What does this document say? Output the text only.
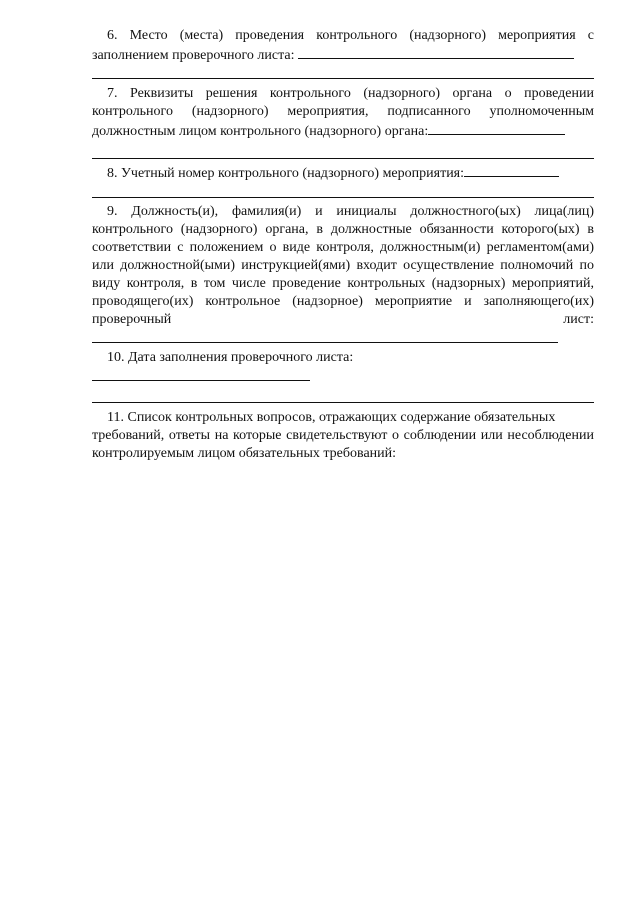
6. Место (места) проведения контрольного (надзорного) мероприятия с заполнением проверочного листа:

7. Реквизиты решения контрольного (надзорного) органа о проведении контрольного (надзорного) мероприятия, подписанного уполномоченным должностным лицом контрольного (надзорного) органа:

8. Учетный номер контрольного (надзорного) мероприятия:

9. Должность(и), фамилия(и) и инициалы должностного(ых) лица(лиц) контрольного (надзорного) органа, в должностные обязанности которого(ых) в соответствии с положением о виде контроля, должностным(и) регламентом(ами) или должностной(ыми) инструкцией(ями) входит осуществление полномочий по виду контроля, в том числе проведение контрольных (надзорных) мероприятий, проводящего(их) контрольное (надзорное) мероприятие и заполняющего(их) проверочный лист:

10. Дата заполнения проверочного листа:

11. Список контрольных вопросов, отражающих содержание обязательных

требований, ответы на которые свидетельствуют о соблюдении или несоблюдении контролируемым лицом обязательных требований:
